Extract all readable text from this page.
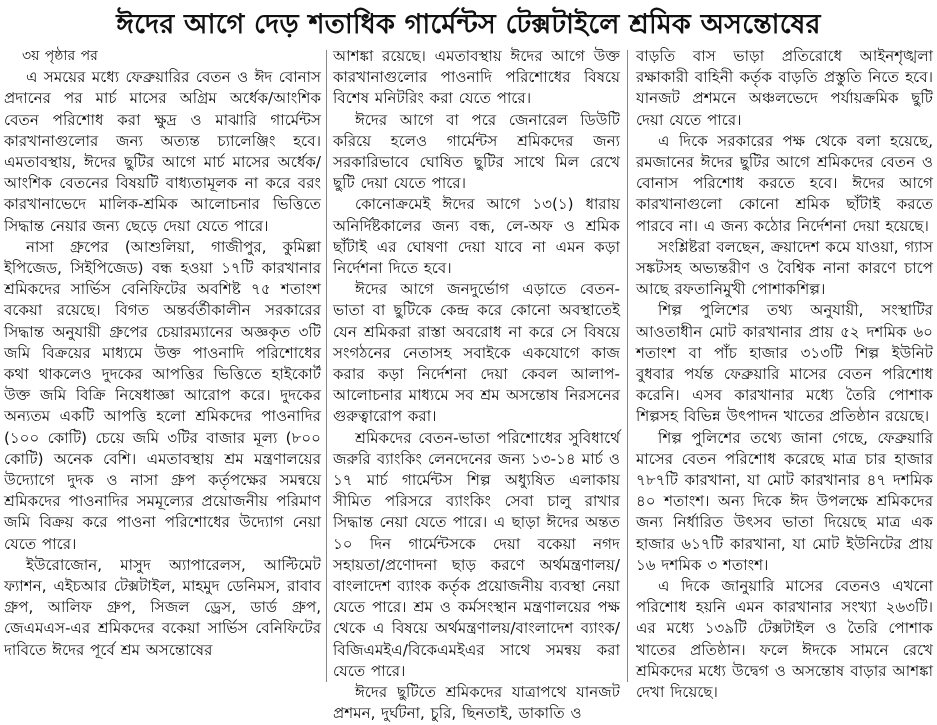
ঈদের আগে দেড় শতাধিক গার্মেন্টস টেক্সটাইলে শ্রমিক অসন্তোষের

৩য় পৃষ্ঠার পর

এ সময়ের মধ্যে ফেব্রুয়ারির বেতন ও ঈদ বোনাস প্রদানের পর মার্চ মাসের অগ্রিম অর্ধেক/আংশিক বেতন পরিশোধ করা ক্ষুদ্র ও মাঝারি গার্মেন্টস কারখানাগুলোর জন্য অত্যন্ত চ্যালেঞ্জিং হবে। এমতাবস্থায়, ঈদের ছুটির আগে মার্চ মাসের অর্ধেক/আংশিক বেতনের বিষয়টি বাধ্যতামূলক না করে বরং কারখানাভেদে মালিক-শ্রমিক আলোচনার ভিত্তিতে সিদ্ধান্ত নেয়ার জন্য ছেড়ে দেয়া যেতে পারে।

নাসা গ্রুপের (আশুলিয়া, গাজীপুর, কুমিল্লা ইপিজেড, সিইপিজেড) বন্ধ হওয়া ১৭টি কারখানার শ্রমিকদের সার্ভিস বেনিফিটের অবশিষ্ট ৭৫ শতাংশ বকেয়া রয়েছে। বিগত অন্তর্বর্তীকালীন সরকারের সিদ্ধান্ত অনুযায়ী গ্রুপের চেয়ারম্যানের অজ্ঞকৃত ৩টি জমি বিক্রয়ের মাধ্যমে উক্ত পাওনাদি পরিশোধের কথা থাকলেও দুদকের আপত্তির ভিত্তিতে হাইকোর্ট উক্ত জমি বিক্রি নিষেধাজ্ঞা আরোপ করে। দুদকের অন্যতম একটি আপত্তি হলো শ্রমিকদের পাওনাদির (১০০ কোটি) চেয়ে জমি ৩টির বাজার মূল্য (৮০০ কোটি) অনেক বেশি। এমতাবস্থায় শ্রম মন্ত্রণালয়ের উদ্যোগে দুদক ও নাসা গ্রুপ কর্তৃপক্ষের সমন্বয়ে শ্রমিকদের পাওনাদির সমমূল্যের প্রয়োজনীয় পরিমাণ জমি বিক্রয় করে পাওনা পরিশোধের উদ্যোগ নেয়া যেতে পারে।

ইউরোজোন, মাসুদ অ্যাপারেলস, আল্টিমেট ফ্যাশন, এইচআর টেক্সটাইল, মাহমুদ ডেনিমস, রাবাব গ্রুপ, আলিফ গ্রুপ, সিজল ড্রেস, ডার্ড গ্রুপ, জেএমএস-এর শ্রমিকদের বকেয়া সার্ভিস বেনিফিটের দাবিতে ঈদের পূর্বে শ্রম অসন্তোষের

আশঙ্কা রয়েছে। এমতাবস্থায় ঈদের আগে উক্ত কারখানাগুলোর পাওনাদি পরিশোধের বিষয়ে বিশেষ মনিটরিং করা যেতে পারে।

ঈদের আগে বা পরে জেনারেল ডিউটি করিয়ে হলেও গার্মেন্টস শ্রমিকদের জন্য সরকারিভাবে ঘোষিত ছুটির সাথে মিল রেখে ছুটি দেয়া যেতে পারে।

কোনোক্রমেই ঈদের আগে ১৩(১) ধারায় অনির্দিষ্টকালের জন্য বন্ধ, লে-অফ ও শ্রমিক ছাঁটাই এর ঘোষণা দেয়া যাবে না এমন কড়া নির্দেশনা দিতে হবে।

ঈদের আগে জনদুর্ভোগ এড়াতে বেতন-ভাতা বা ছুটিকে কেন্দ্র করে কোনো অবস্থাতেই যেন শ্রমিকরা রাস্তা অবরোধ না করে সে বিষয়ে সংগঠনের নেতাসহ সবাইকে একযোগে কাজ করার কড়া নির্দেশনা দেয়া কেবল আলাপ-আলোচনার মাধ্যমে সব শ্রম অসন্তোষ নিরসনের গুরুত্বারোপ করা।

শ্রমিকদের বেতন-ভাতা পরিশোধের সুবিধার্থে জরুরি ব্যাংকিং লেনদেনের জন্য ১৩-১৪ মার্চ ও ১৭ মার্চ গার্মেন্টস শিল্প অধ্যুষিত এলাকায় সীমিত পরিসরে ব্যাংকিং সেবা চালু রাখার সিদ্ধান্ত নেয়া যেতে পারে। এ ছাড়া ঈদের অন্তত ১০ দিন গার্মেন্টসকে দেয়া বকেয়া নগদ সহায়তা/প্রণোদনা ছাড় করণে অর্থমন্ত্রণালয়/বাংলাদেশ ব্যাংক কর্তৃক প্রয়োজনীয় ব্যবস্থা নেয়া যেতে পারে। শ্রম ও কর্মসংস্থান মন্ত্রণালয়ের পক্ষ থেকে এ বিষয়ে অর্থমন্ত্রণালয়/বাংলাদেশ ব্যাংক/বিজিএমইএ/বিকেএমইএর সাথে সমন্বয় করা যেতে পারে।

ঈদের ছুটিতে শ্রমিকদের যাত্রাপথে যানজট প্রশমন, দুর্ঘটনা, চুরি, ছিনতাই, ডাকাতি ও

বাড়তি বাস ভাড়া প্রতিরোধে আইনশৃঙ্খলা রক্ষাকারী বাহিনী কর্তৃক বাড়তি প্রস্তুতি নিতে হবে। যানজট প্রশমনে অঞ্চলভেদে পর্যায়ক্রমিক ছুটি দেয়া যেতে পারে।

এ দিকে সরকারের পক্ষ থেকে বলা হয়েছে, রমজানের ঈদের ছুটির আগে শ্রমিকদের বেতন ও বোনাস পরিশোধ করতে হবে। ঈদের আগে কারখানাগুলো কোনো শ্রমিক ছাঁটাই করতে পারবে না। এ জন্য কঠোর নির্দেশনা দেয়া হয়েছে।

সংশ্লিষ্টরা বলছেন, ক্রয়াদেশ কমে যাওয়া, গ্যাস সঙ্কটসহ অভ্যন্তরীণ ও বৈশ্বিক নানা কারণে চাপে আছে রফতানিমুখী পোশাকশিল্প।

শিল্প পুলিশের তথ্য অনুযায়ী, সংস্থাটির আওতাধীন মোট কারখানার প্রায় ৫২ দশমিক ৬০ শতাংশ বা পাঁচ হাজার ৩১৩টি শিল্প ইউনিট বুধবার পর্যন্ত ফেব্রুয়ারি মাসের বেতন পরিশোধ করেনি। এসব কারখানার মধ্যে তৈরি পোশাক শিল্পসহ বিভিন্ন উৎপাদন খাতের প্রতিষ্ঠান রয়েছে।

শিল্প পুলিশের তথ্যে জানা গেছে, ফেব্রুয়ারি মাসের বেতন পরিশোধ করেছে মাত্র চার হাজার ৭৮৭টি কারখানা, যা মোট কারখানার ৪৭ দশমিক ৪০ শতাংশ। অন্য দিকে ঈদ উপলক্ষে শ্রমিকদের জন্য নির্ধারিত উৎসব ভাতা দিয়েছে মাত্র এক হাজার ৬১৭টি কারখানা, যা মোট ইউনিটের প্রায় ১৬ দশমিক ৩ শতাংশ।

এ দিকে জানুয়ারি মাসের বেতনও এখনো পরিশোধ হয়নি এমন কারখানার সংখ্যা ২৬৩টি। এর মধ্যে ১৩৯টি টেক্সটাইল ও তৈরি পোশাক খাতের প্রতিষ্ঠান। ফলে ঈদকে সামনে রেখে শ্রমিকদের মধ্যে উদ্বেগ ও অসন্তোষ বাড়ার আশঙ্কা দেখা দিয়েছে।
